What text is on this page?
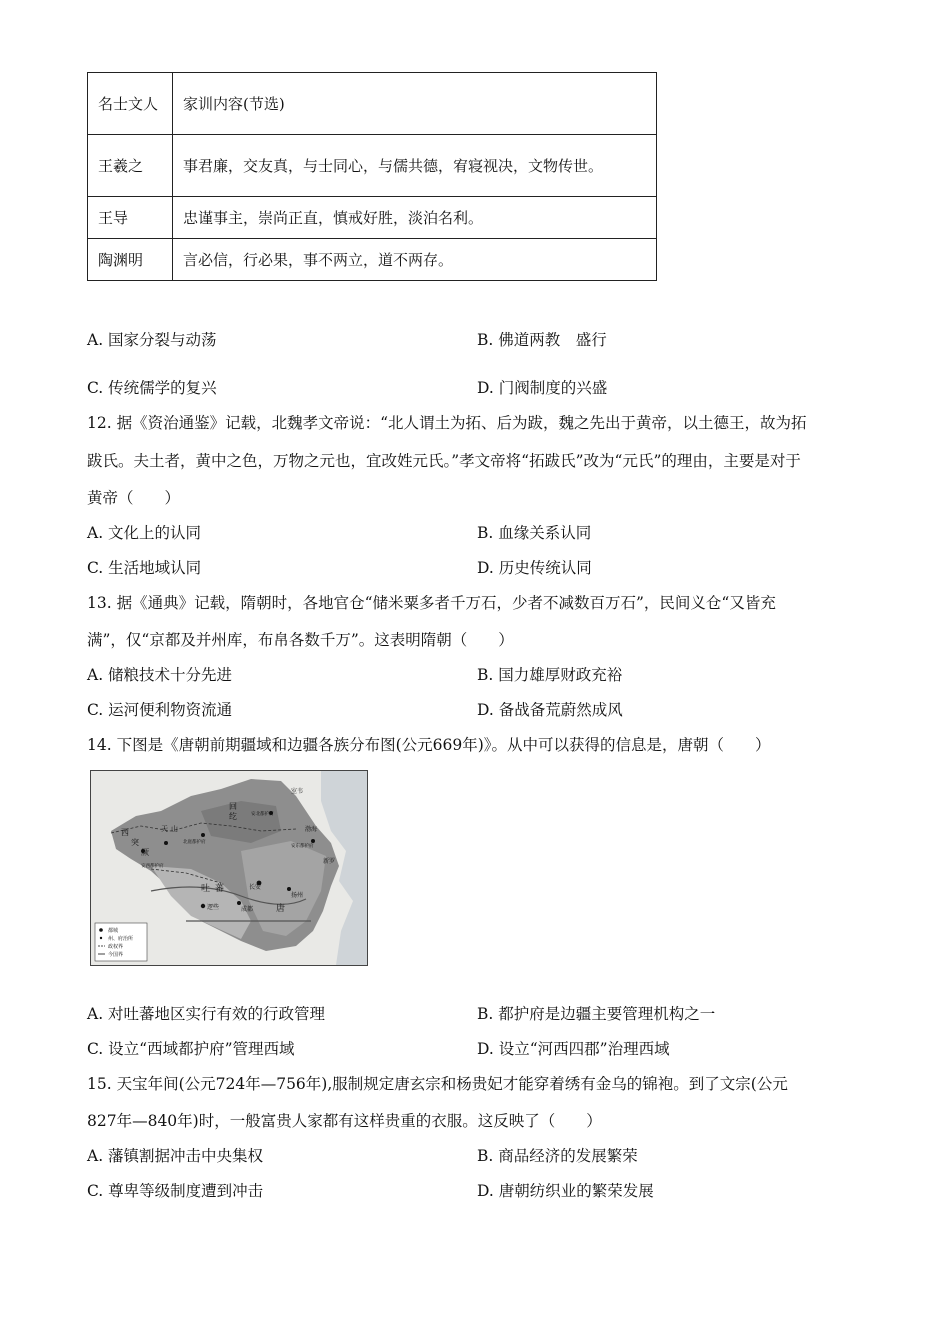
名士文人	家训内容(节选)
王羲之	事君廉，交友真，与士同心，与儒共德，宥寝视决，文物传世。
王导	忠谨事主，崇尚正直，慎戒好胜，淡泊名利。
陶渊明	言必信，行必果，事不两立，道不两存。
A. 国家分裂与动荡	B. 佛道两教　盛行
C. 传统儒学的复兴	D. 门阀制度的兴盛
12. 据《资治通鉴》记载，北魏孝文帝说：“北人谓土为拓、后为跋，魏之先出于黄帝，以土德王，故为拓
跋氏。夫土者，黄中之色，万物之元也，宜改姓元氏。”孝文帝将“拓跋氏”改为“元氏”的理由，主要是对于
黄帝（　　）
A. 文化上的认同	B. 血缘关系认同
C. 生活地域认同	D. 历史传统认同
13. 据《通典》记载，隋朝时，各地官仓“储米粟多者千万石，少者不减数百万石”，民间义仓“又皆充
满”，仅“京都及并州库，布帛各数千万”。这表明隋朝（　　）
A. 储粮技术十分先进	B. 国力雄厚财政充裕
C. 运河便利物资流通	D. 备战备荒蔚然成风
14. 下图是《唐朝前期疆域和边疆各族分布图(公元669年)》。从中可以获得的信息是，唐朝（　　）
西
突
厥
天 山
回
纥	安北都护府
安东都护府
北庭都护府
安西都护府
吐 蕃
逻些
长安
成都
扬州
唐
新罗
渤海
室韦
都城
州、府治所
政权界
今国界
A. 对吐蕃地区实行有效的行政管理	B. 都护府是边疆主要管理机构之一
C. 设立“西域都护府”管理西域	D. 设立“河西四郡”治理西域
15. 天宝年间(公元724年—756年),服制规定唐玄宗和杨贵妃才能穿着绣有金乌的锦袍。到了文宗(公元
827年—840年)时，一般富贵人家都有这样贵重的衣服。这反映了（　　）
A. 藩镇割据冲击中央集权	B. 商品经济的发展繁荣
C. 尊卑等级制度遭到冲击	D. 唐朝纺织业的繁荣发展
